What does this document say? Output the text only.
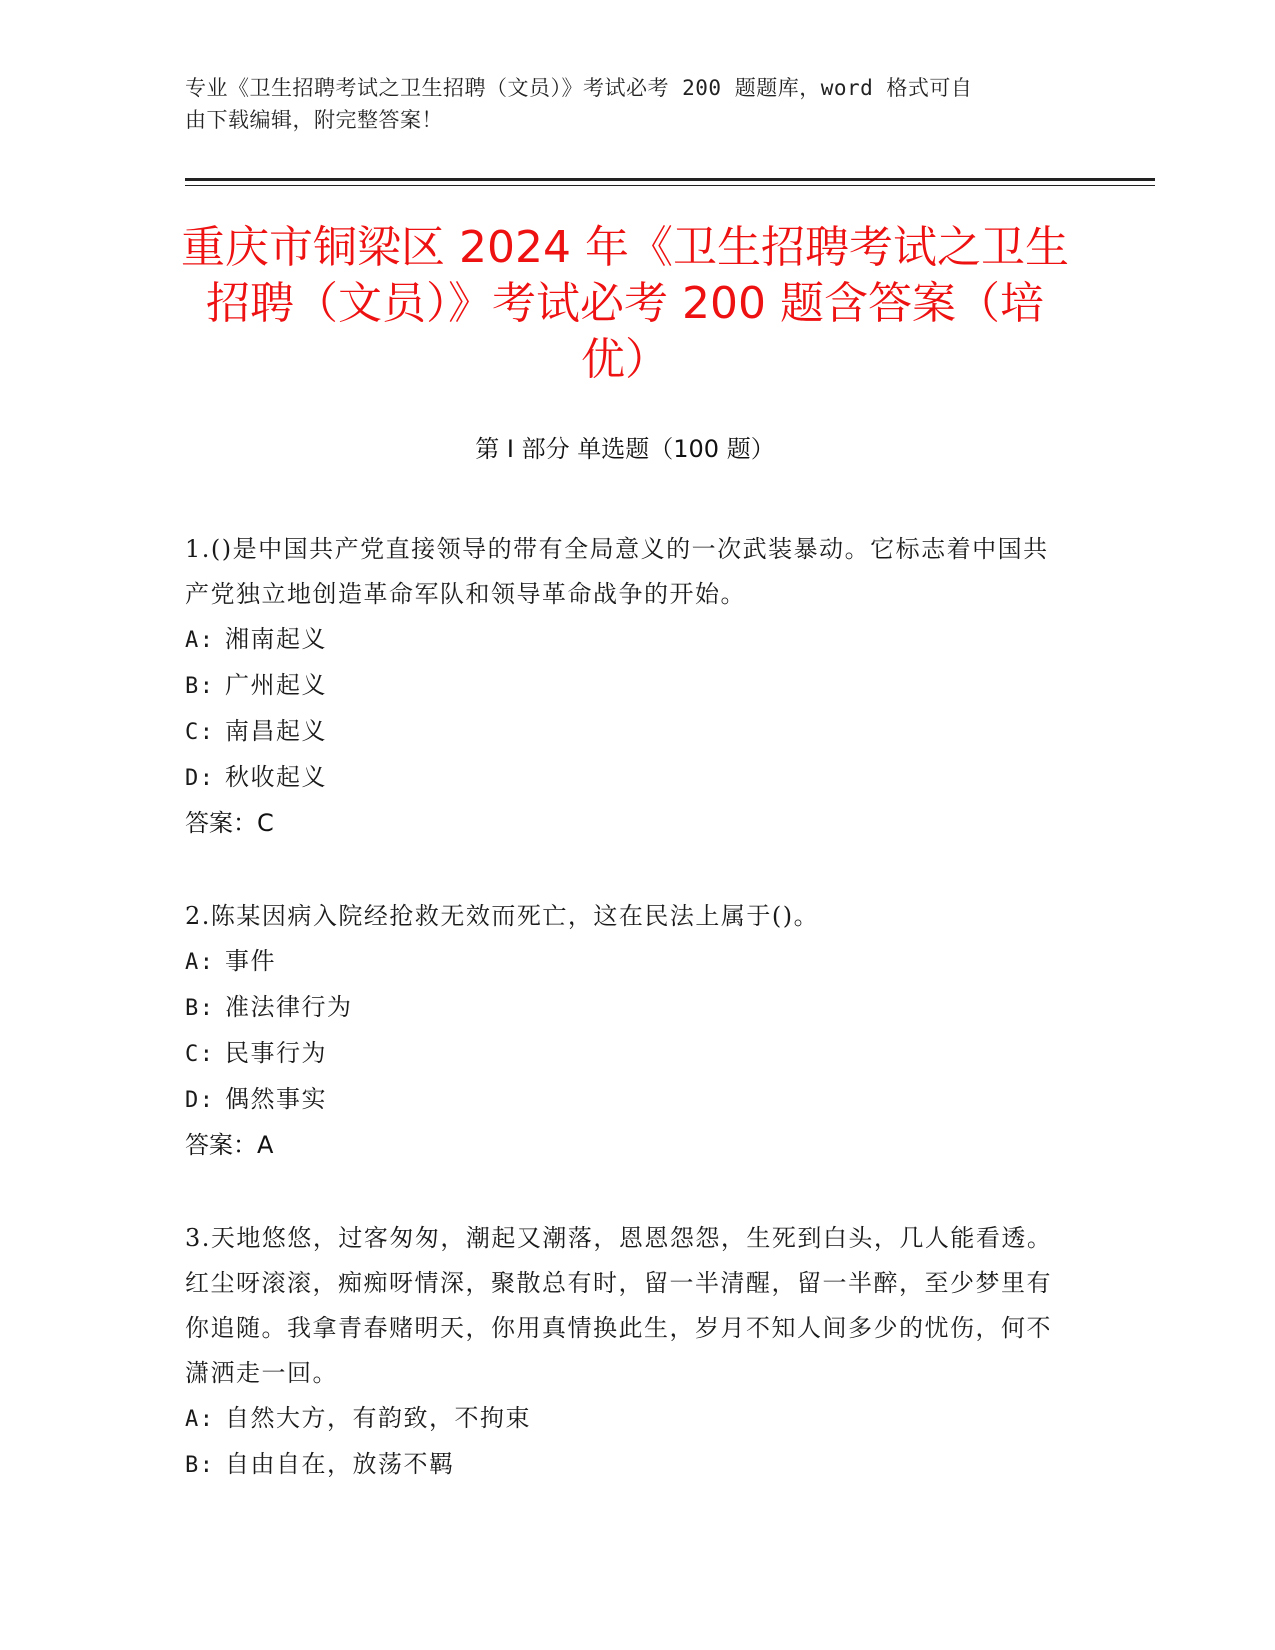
专业《卫生招聘考试之卫生招聘（文员）》考试必考 200 题题库，word 格式可自
由下载编辑，附完整答案！
重庆市铜梁区 2024 年《卫生招聘考试之卫生
招聘（文员）》考试必考 200 题含答案（培
优）
第 I 部分 单选题（100 题）

1.()是中国共产党直接领导的带有全局意义的一次武装暴动。它标志着中国共产党独立地创造革命军队和领导革命战争的开始。

A: 湘南起义

B: 广州起义

C: 南昌起义

D: 秋收起义

答案：C

2.陈某因病入院经抢救无效而死亡，这在民法上属于()。

A: 事件

B: 准法律行为

C: 民事行为

D: 偶然事实

答案：A

3.天地悠悠，过客匆匆，潮起又潮落，恩恩怨怨，生死到白头，几人能看透。红尘呀滚滚，痴痴呀情深，聚散总有时，留一半清醒，留一半醉，至少梦里有你追随。我拿青春赌明天，你用真情换此生，岁月不知人间多少的忧伤，何不潇洒走一回。

A: 自然大方，有韵致，不拘束

B: 自由自在，放荡不羁
